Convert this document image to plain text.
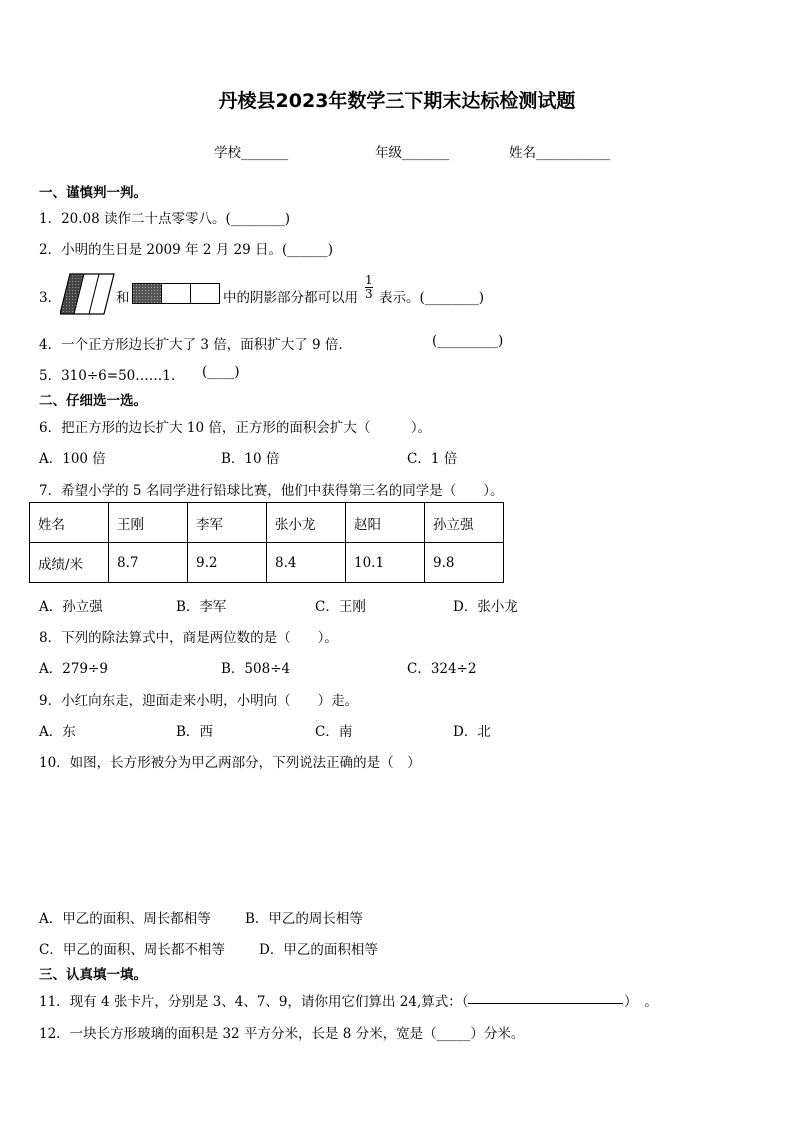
丹棱县2023年数学三下期末达标检测试题
学校_______	年级_______	姓名___________
一、谨慎判一判。
1．20.08 读作二十点零零八。(________)
2．小明的生日是 2009 年 2 月 29 日。(______)
3．	和	中的阴影部分都可以用 $\frac{1}{3}$ 表示。(________)
4．一个正方形边长扩大了 3 倍，面积扩大了 9 倍.	(_________)
5．310÷6=50……1. (____)
二、仔细选一选。
6．把正方形的边长扩大 10 倍，正方形的面积会扩大（　　　）。
A．100 倍	B．10 倍	C．1 倍
7．希望小学的 5 名同学进行铅球比赛，他们中获得第三名的同学是（　　）。
姓名	王刚	李军	张小龙	赵阳	孙立强
成绩/米	8.7	9.2	8.4	10.1	9.8
A．孙立强	B．李军	C．王刚	D．张小龙
8．下列的除法算式中，商是两位数的是（　　）。
A．279÷9	B．508÷4	C．324÷2
9．小红向东走，迎面走来小明，小明向（　　）走。
A．东	B．西	C．南	D．北
10．如图，长方形被分为甲乙两部分，下列说法正确的是（　）
A．甲乙的面积、周长都相等	B．甲乙的周长相等
C．甲乙的面积、周长都不相等	D．甲乙的面积相等
三、认真填一填。
11．现有 4 张卡片，分别是 3、4、7、9，请你用它们算出 24,算式：（	）　。
12．一块长方形玻璃的面积是 32 平方分米，长是 8 分米，宽是（_____）分米。
